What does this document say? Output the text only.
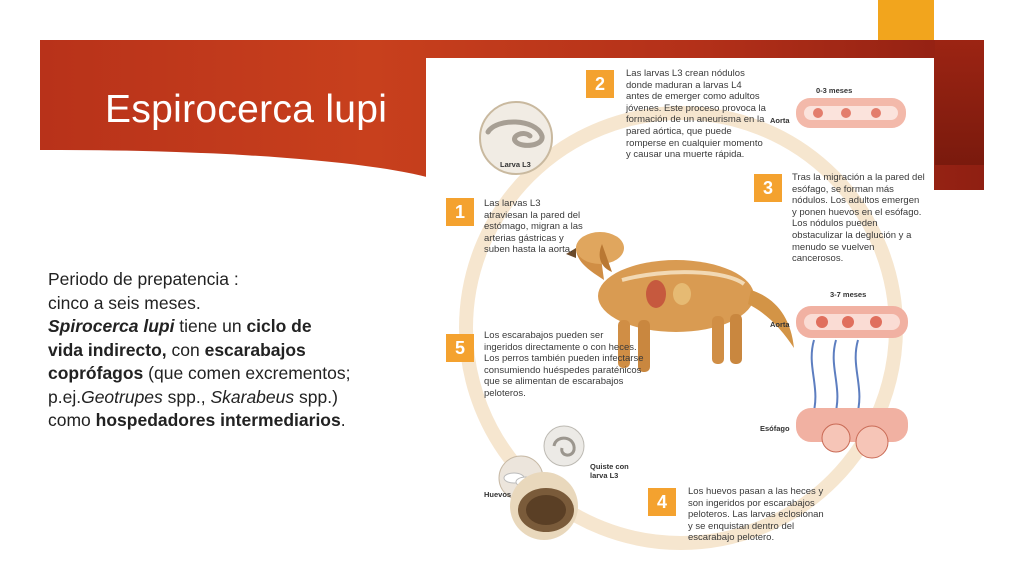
Espirocerca lupi
Periodo de prepatencia :
cinco a seis meses.
Spirocerca lupi tiene un ciclo de
vida indirecto, con escarabajos
coprófagos (que comen excrementos;
p.ej.Geotrupes spp., Skarabeus spp.)
como hospedadores intermediarios.
2	Las larvas L3 crean nódulos donde maduran a larvas L4 antes de emerger como adultos jóvenes. Este proceso provoca la formación de un aneurisma en la pared aórtica, que puede romperse en cualquier momento y causar una muerte rápida.
3	Tras la migración a la pared del esófago, se forman más nódulos. Los adultos emergen y ponen huevos en el esófago. Los nódulos pueden obstaculizar la deglución y a menudo se vuelven cancerosos.
1	Las larvas L3 atraviesan la pared del estómago, migran a las arterias gástricas y suben hasta la aorta.
5
Los escarabajos pueden ser ingeridos directamente o con heces. Los perros también pueden infectarse consumiendo huéspedes paraténicos que se alimentan de escarabajos peloteros.
4	Los huevos pasan a las heces y son ingeridos por escarabajos peloteros. Las larvas eclosionan y se enquistan dentro del escarabajo pelotero.
Larva L3
0-3 meses
Aorta
3-7 meses
Aorta
Esófago
Huevos
Quiste con larva L3
